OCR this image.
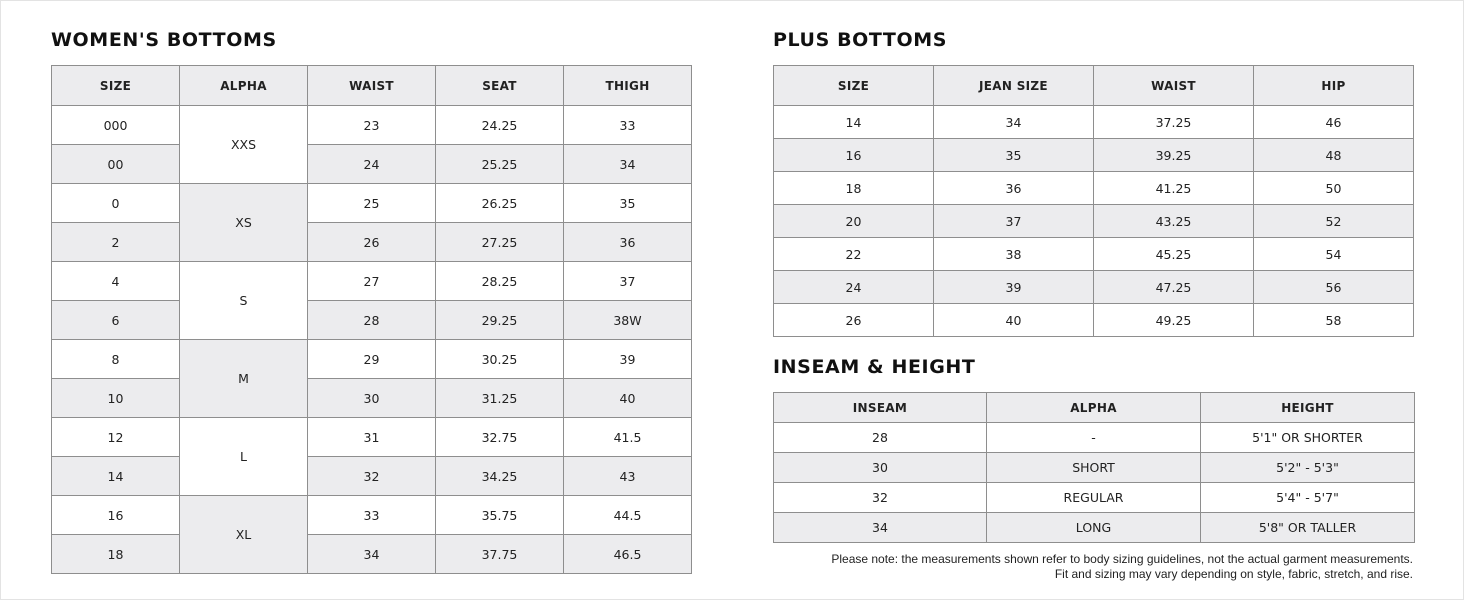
WOMEN'S BOTTOMS
SIZE	ALPHA	WAIST	SEAT	THIGH
000	XXS	23	24.25	33
00		24	25.25	34
0	XS	25	26.25	35
2		26	27.25	36
4	S	27	28.25	37
6		28	29.25	38W
8	M	29	30.25	39
10		30	31.25	40
12	L	31	32.75	41.5
14		32	34.25	43
16	XL	33	35.75	44.5
18		34	37.75	46.5
PLUS BOTTOMS
SIZE	JEAN SIZE	WAIST	HIP
14	34	37.25	46
16	35	39.25	48
18	36	41.25	50
20	37	43.25	52
22	38	45.25	54
24	39	47.25	56
26	40	49.25	58
INSEAM & HEIGHT
INSEAM	ALPHA	HEIGHT
28	-	5'1" OR SHORTER
30	SHORT	5'2" - 5'3"
32	REGULAR	5'4" - 5'7"
34	LONG	5'8" OR TALLER

Please note: the measurements shown refer to body sizing guidelines, not the actual garment measurements.
Fit and sizing may vary depending on style, fabric, stretch, and rise.
